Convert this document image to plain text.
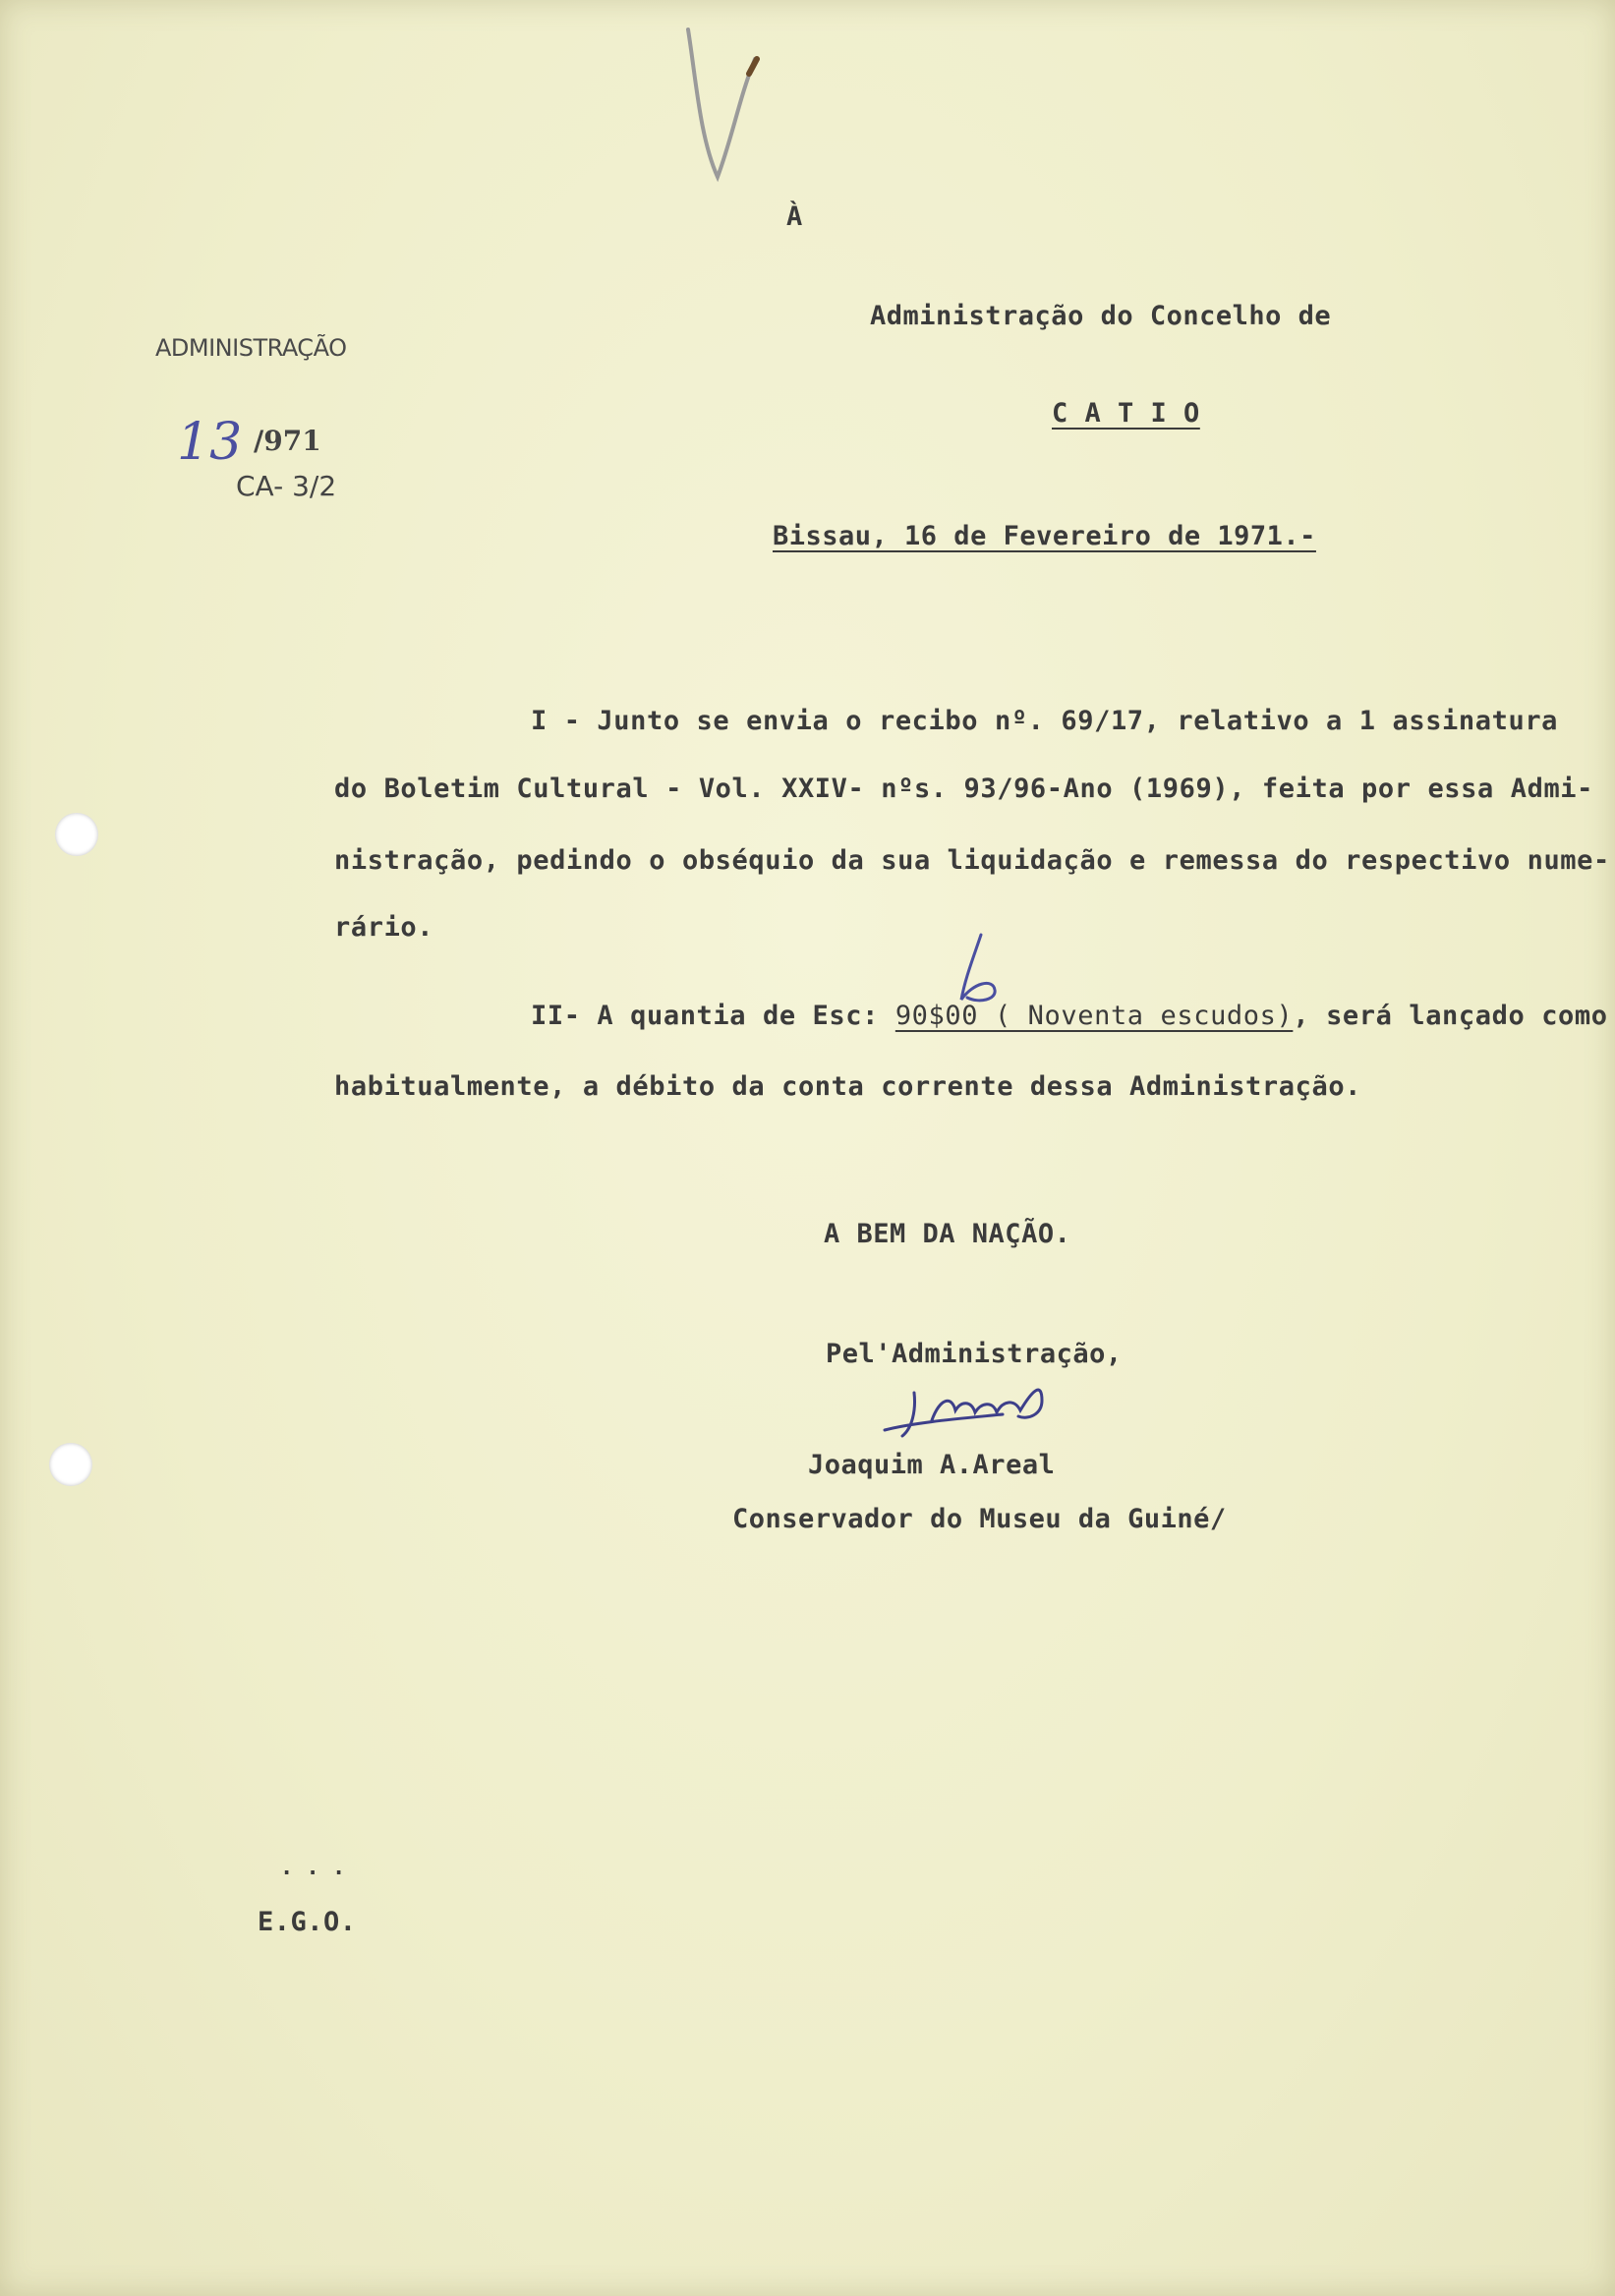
ADMINISTRAÇÃO
13 /971
CA- 3/2
À
Administração do Concelho de
C A T I O
Bissau, 16 de Fevereiro de 1971.-
I - Junto se envia o recibo nº. 69/17, relativo a 1 assinatura
do Boletim Cultural - Vol. XXIV- nºs. 93/96-Ano (1969), feita por essa Admi-
nistração, pedindo o obséquio da sua liquidação e remessa do respectivo nume-
rário.
II- A quantia de Esc: 90$00 ( Noventa escudos), será lançado como
habitualmente, a débito da conta corrente dessa Administração.
A BEM DA NAÇÃO.
Pel'Administração,
Joaquim A.Areal
Conservador do Museu da Guiné/
. . .
E.G.O.
